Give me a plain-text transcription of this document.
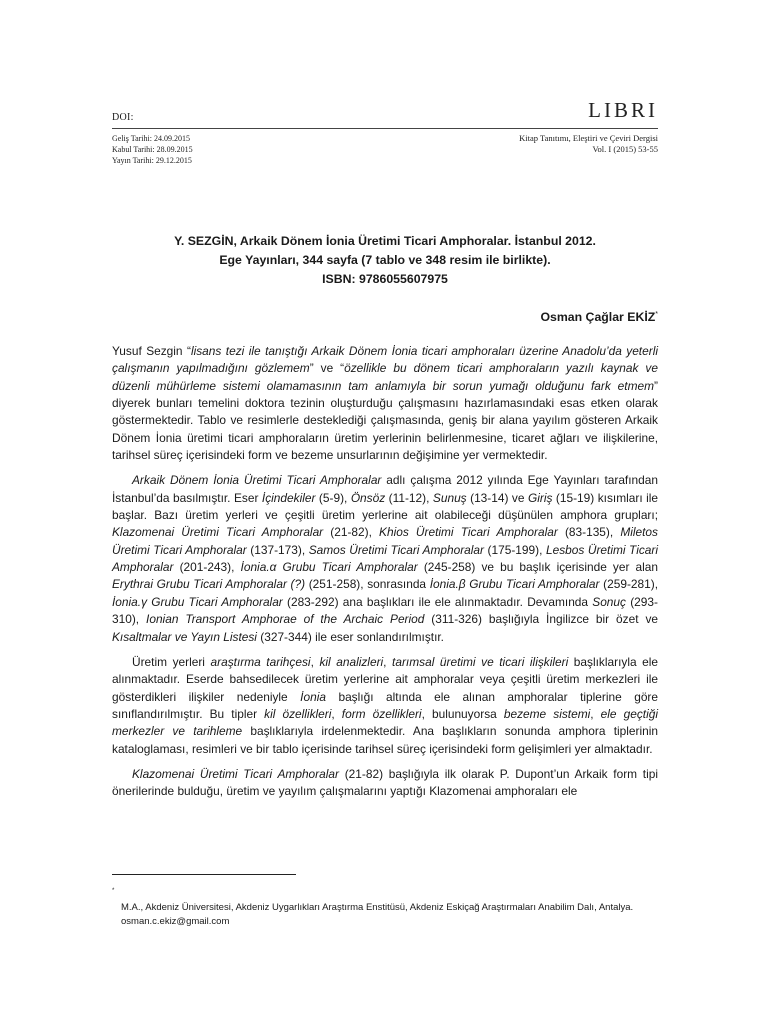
DOI:	LIBRI
Geliş Tarihi: 24.09.2015
Kabul Tarihi: 28.09.2015
Yayın Tarihi: 29.12.2015
Kitap Tanıtımı, Eleştiri ve Çeviri Dergisi
Vol. I (2015) 53-55
Y. SEZGİN, Arkaik Dönem İonia Üretimi Ticari Amphoralar. İstanbul 2012.
Ege Yayınları, 344 sayfa (7 tablo ve 348 resim ile birlikte).
ISBN: 9786055607975
Osman Çağlar EKİZ*

Yusuf Sezgin “lisans tezi ile tanıştığı Arkaik Dönem İonia ticari amphoraları üzerine Anadolu’da yeterli çalışmanın yapılmadığını gözlemem” ve “özellikle bu dönem ticari amphoraların yazılı kaynak ve düzenli mühürleme sistemi olamamasının tam anlamıyla bir sorun yumağı olduğunu fark etmem” diyerek bunları temelini doktora tezinin oluşturduğu çalışmasını hazırlamasındaki esas etken olarak göstermektedir. Tablo ve resimlerle desteklediği çalışmasında, geniş bir alana yayılım gösteren Arkaik Dönem İonia üretimi ticari amphoraların üretim yerlerinin belirlenmesine, ticaret ağları ve ilişkilerine, tarihsel süreç içerisindeki form ve bezeme unsurlarının değişimine yer vermektedir.

Arkaik Dönem İonia Üretimi Ticari Amphoralar adlı çalışma 2012 yılında Ege Yayınları tarafından İstanbul’da basılmıştır. Eser İçindekiler (5-9), Önsöz (11-12), Sunuş (13-14) ve Giriş (15-19) kısımları ile başlar. Bazı üretim yerleri ve çeşitli üretim yerlerine ait olabileceği düşünülen amphora grupları; Klazomenai Üretimi Ticari Amphoralar (21-82), Khios Üretimi Ticari Amphoralar (83-135), Miletos Üretimi Ticari Amphoralar (137-173), Samos Üretimi Ticari Amphoralar (175-199), Lesbos Üretimi Ticari Amphoralar (201-243), İonia.α Grubu Ticari Amphoralar (245-258) ve bu başlık içerisinde yer alan Erythrai Grubu Ticari Amphoralar (?) (251-258), sonrasında İonia.β Grubu Ticari Amphoralar (259-281), İonia.γ Grubu Ticari Amphoralar (283-292) ana başlıkları ile ele alınmaktadır. Devamında Sonuç (293-310), Ionian Transport Amphorae of the Archaic Period (311-326) başlığıyla İngilizce bir özet ve Kısaltmalar ve Yayın Listesi (327-344) ile eser sonlandırılmıştır.

Üretim yerleri araştırma tarihçesi, kil analizleri, tarımsal üretimi ve ticari ilişkileri başlıklarıyla ele alınmaktadır. Eserde bahsedilecek üretim yerlerine ait amphoralar veya çeşitli üretim merkezleri ile gösterdikleri ilişkiler nedeniyle İonia başlığı altında ele alınan amphoralar tiplerine göre sınıflandırılmıştır. Bu tipler kil özellikleri, form özellikleri, bulunuyorsa bezeme sistemi, ele geçtiği merkezler ve tarihleme başlıklarıyla irdelenmektedir. Ana başlıkların sonunda amphora tiplerinin kataloglaması, resimleri ve bir tablo içerisinde tarihsel süreç içerisindeki form gelişimleri yer almaktadır.

Klazomenai Üretimi Ticari Amphoralar (21-82) başlığıyla ilk olarak P. Dupont’un Arkaik form tipi önerilerinde bulduğu, üretim ve yayılım çalışmalarını yaptığı Klazomenai amphoraları ele

*M.A., Akdeniz Üniversitesi, Akdeniz Uygarlıkları Araştırma Enstitüsü, Akdeniz Eskiçağ Araştırmaları Anabilim Dalı, Antalya. osman.c.ekiz@gmail.com
